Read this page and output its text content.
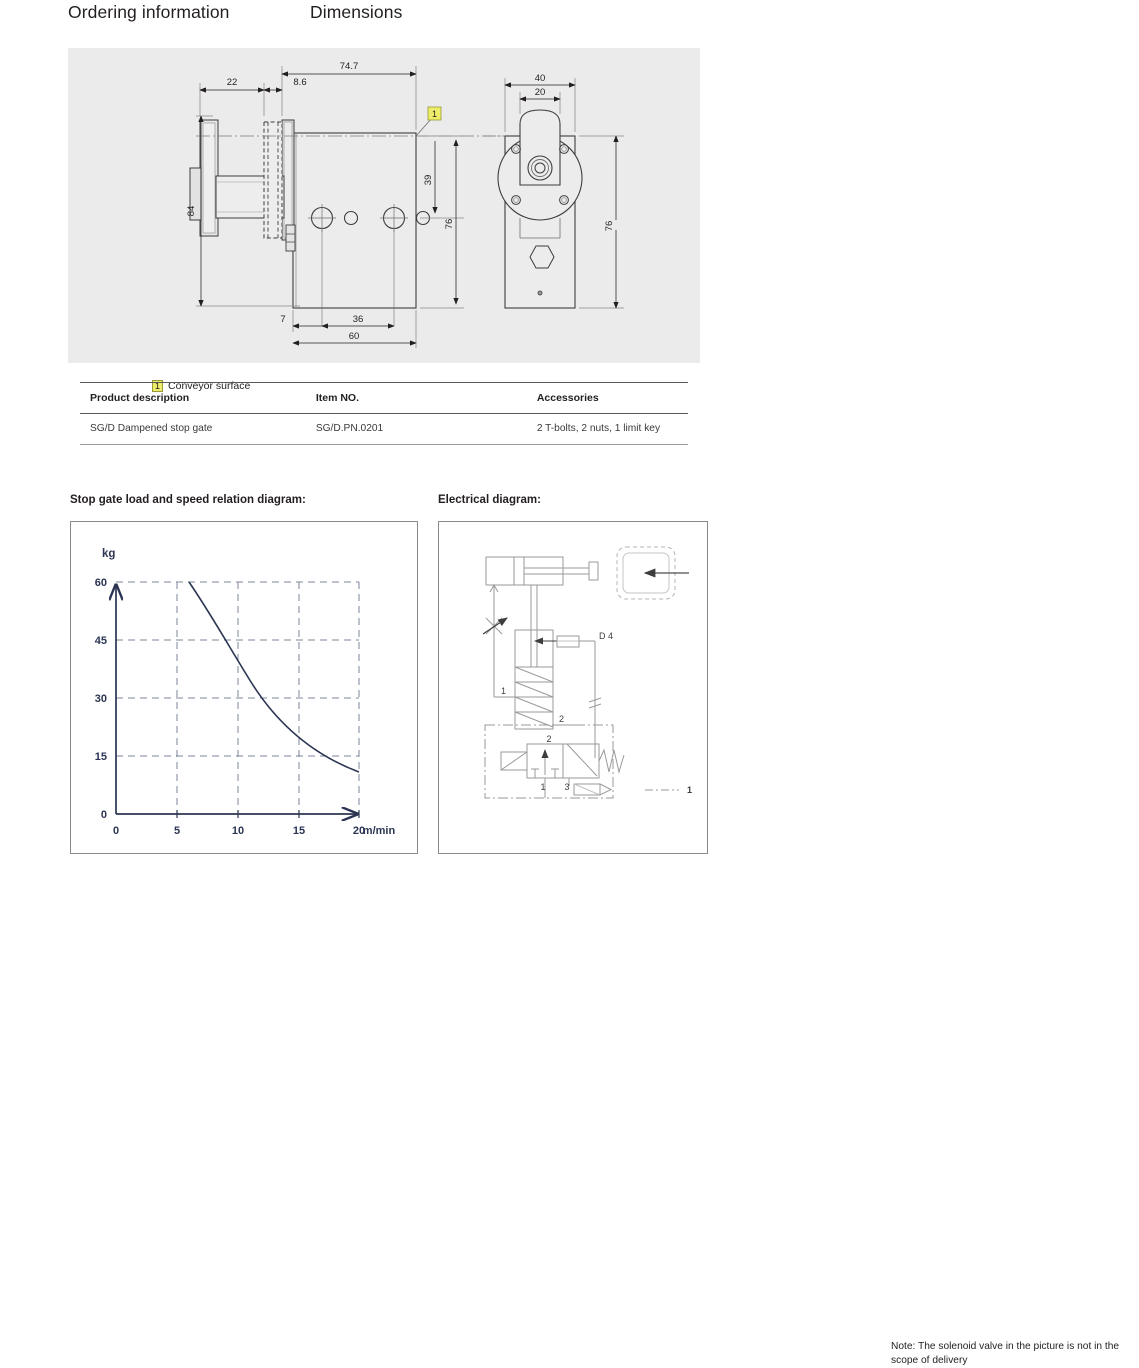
Ordering information	Dimensions
22	8.6
74.7
84
39
76
7	36
60
1
40
20
76
1 Conveyor surface
Product description	Item NO.	Accessories
SG/D Dampened stop gate	SG/D.PN.0201	2 T-bolts, 2 nuts, 1 limit key
Stop gate load and speed relation diagram:	Electrical diagram:
kg
0
15
30
45
60
0	5	10	15	20
m/min
D 4
1
2
2
1 3	1
Note: The solenoid valve in the picture is not in the scope of delivery
